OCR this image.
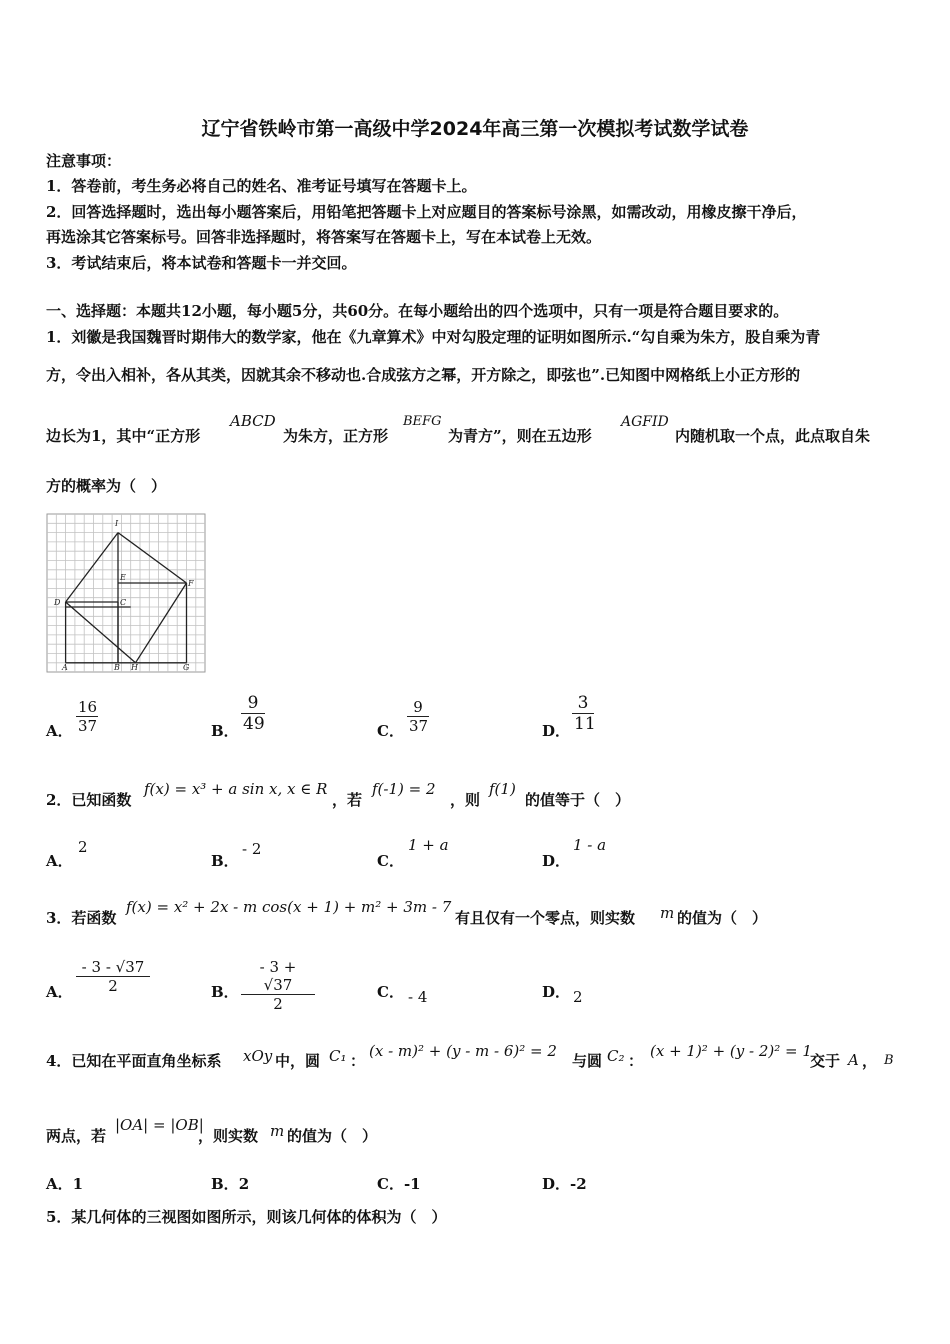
辽宁省铁岭市第一高级中学2024年高三第一次模拟考试数学试卷
注意事项：
1．答卷前，考生务必将自己的姓名、准考证号填写在答题卡上。
2．回答选择题时，选出每小题答案后，用铅笔把答题卡上对应题目的答案标号涂黑，如需改动，用橡皮擦干净后，
再选涂其它答案标号。回答非选择题时，将答案写在答题卡上，写在本试卷上无效。
3．考试结束后，将本试卷和答题卡一并交回。
一、选择题：本题共12小题，每小题5分，共60分。在每小题给出的四个选项中，只有一项是符合题目要求的。
1．刘徽是我国魏晋时期伟大的数学家，他在《九章算术》中对勾股定理的证明如图所示.“勾自乘为朱方，股自乘为青
方，令出入相补，各从其类，因就其余不移动也.合成弦方之幂，开方除之，即弦也”.已知图中网格纸上小正方形的
边长为1，其中“正方形
ABCD
为朱方，正方形
BEFG
为青方”，则在五边形
AGFID
内随机取一个点，此点取自朱
方的概率为（　）
I
E
F
D	C
A	B H	G
A．
16
37	B．
9
49	C．
9
37	D．
3
11
2．已知函数
f(x) = x³ + a sin x, x ∈ R
，若
f(-1) = 2
，则
f(1)
的值等于（　）
A．
2
B．
- 2
C．
1 + a
D．
1 - a
3．若函数
f(x) = x² + 2x - m cos(x + 1) + m² + 3m - 7
有且仅有一个零点，则实数 m 的值为（　）
A．
- 3 - √37
2	B．
- 3 + √37
2
C． - 4	D． 2
4．已知在平面直角坐标系 xOy 中，圆 C₁ ：
(x - m)² + (y - m - 6)² = 2
与圆 C₂ ：
(x + 1)² + (y - 2)² = 1
交于 A ， B
两点，若
|OA| = |OB|
，则实数 m 的值为（　）
A．1	B．2	C．-1	D．-2
5．某几何体的三视图如图所示，则该几何体的体积为（　）
